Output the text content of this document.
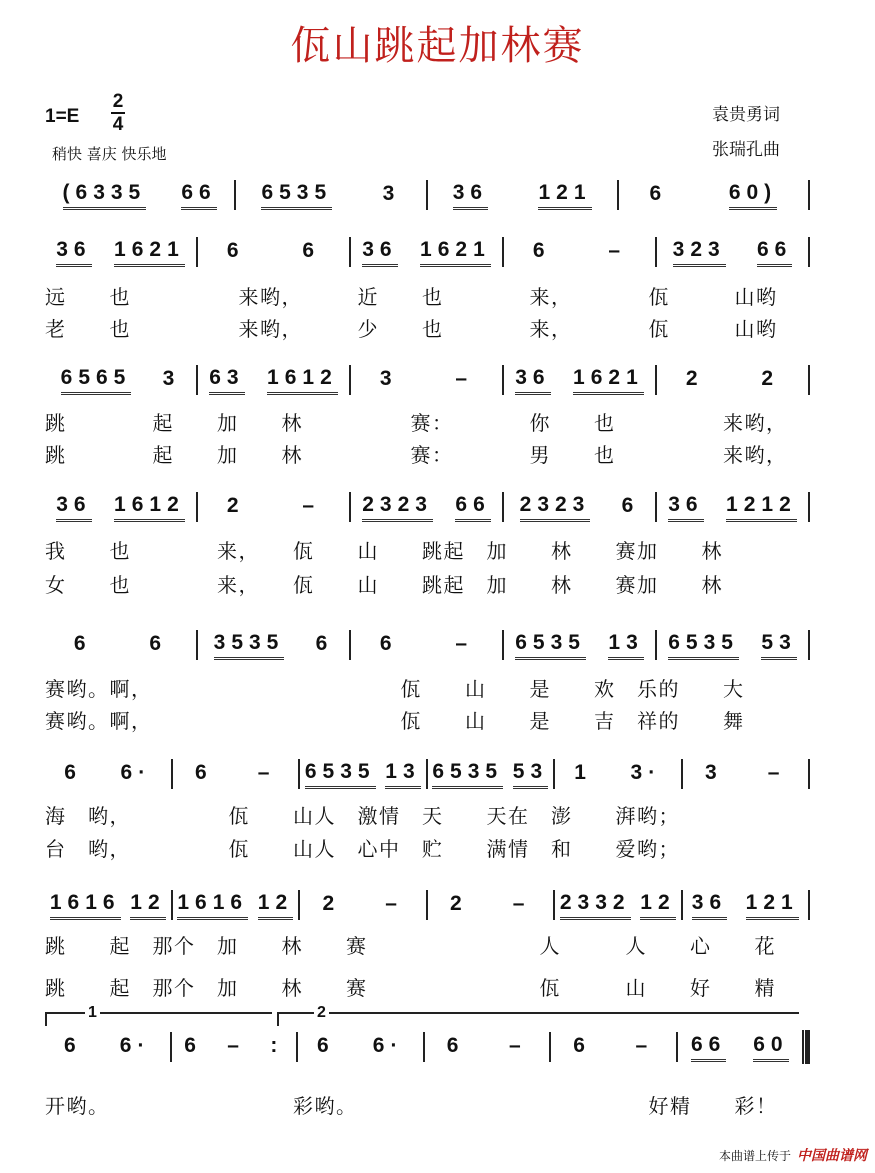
佤山跳起加林赛
1=E
2
4
稍快 喜庆 快乐地
袁贵勇词
张瑞孔曲
(6335 66 6535 3 36 121	6	60)
36 1621 6	6 36 1621 6	– 323 66
6565 3 63 1612 3	– 36 1621 2	2
36 1612 2	– 2323 66 2323 6 36 1212
6	6 3535 6 6	– 6535 13 6535 53
6 6· 6 – 6535 13 6535 53 1 3· 3 –
1616 12 1616 12 2 – 2 – 2332 12 36 121
6 6· 6 – : 6 6· 6 – 6 – 66 60
远　　也　　　　　来哟，　　　近　　也　　　　来，　　　　佤　　　山哟
老　　也　　　　　来哟，　　　少　　也　　　　来，　　　　佤　　　山哟
跳　　　　起　　加　　林　　　　　赛：　　　　你　　也　　　　　来哟，
跳　　　　起　　加　　林　　　　　赛：　　　　男　　也　　　　　来哟，
我　　也　　　　来，　　佤　　山　　跳起　加　　林　　赛加　　林
女　　也　　　　来，　　佤　　山　　跳起　加　　林　　赛加　　林
赛哟。啊，　　　　　　　　　　　　佤　　山　　是　　欢　乐的　　大
赛哟。啊，　　　　　　　　　　　　佤　　山　　是　　吉　祥的　　舞
海　哟，　　　　　佤　　山人　激情　天　　天在　澎　　湃哟；
台　哟，　　　　　佤　　山人　心中　贮　　满情　和　　爱哟；
跳　　起　那个　加　　林　　赛　　　　　　　　人　　　人　　心　　花
跳　　起　那个　加　　林　　赛　　　　　　　　佤　　　山　　好　　精
开哟。　　　　　　　　　彩哟。　　　　　　　　　　　　　　好精　　彩！
1	2
本曲谱上传于 中国曲谱网
